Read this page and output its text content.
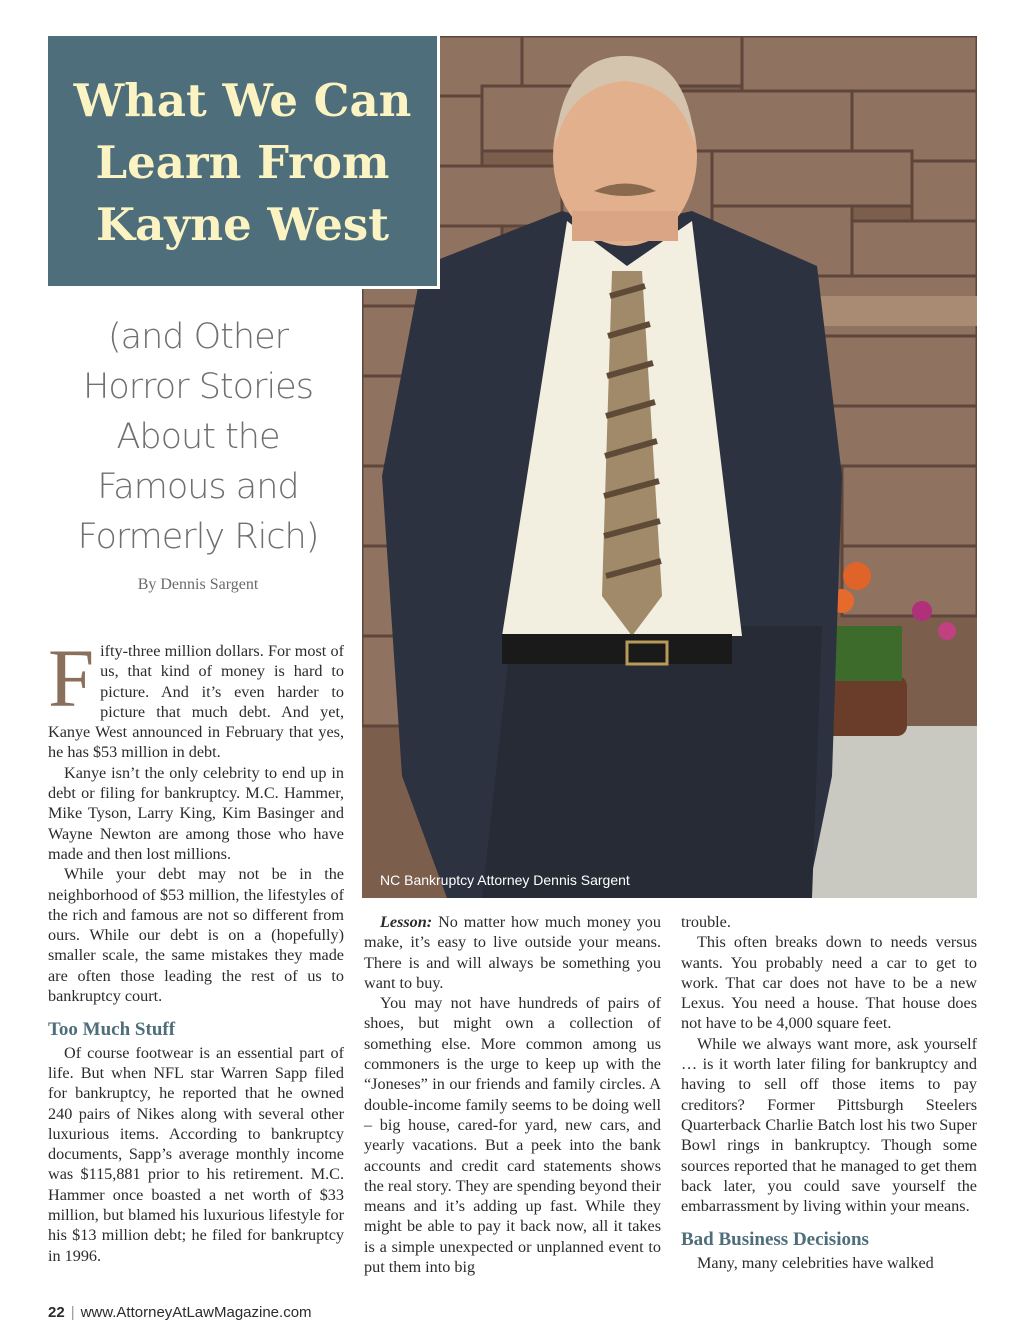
NC Bankruptcy Attorney Dennis Sargent
What We Can
Learn From
Kayne West
(and Other
Horror Stories
About the
Famous and
Formerly Rich)
By Dennis Sargent

Fifty-three million dollars. For most of us, that kind of money is hard to picture. And it’s even harder to picture that much debt. And yet, Kanye West announced in February that yes, he has $53 million in debt.

Kanye isn’t the only celebrity to end up in debt or filing for bankruptcy. M.C. Hammer, Mike Tyson, Larry King, Kim Basinger and Wayne Newton are among those who have made and then lost millions.

While your debt may not be in the neighborhood of $53 million, the lifestyles of the rich and famous are not so different from ours. While our debt is on a (hopefully) smaller scale, the same mistakes they made are often those leading the rest of us to bankruptcy court.

Too Much Stuff

Of course footwear is an essential part of life. But when NFL star Warren Sapp filed for bankruptcy, he reported that he owned 240 pairs of Nikes along with several other luxurious items. According to bankruptcy documents, Sapp’s average monthly income was $115,881 prior to his retirement. M.C. Hammer once boasted a net worth of $33 million, but blamed his luxurious lifestyle for his $13 million debt; he filed for bankruptcy in 1996.

Lesson: No matter how much money you make, it’s easy to live outside your means. There is and will always be something you want to buy.

You may not have hundreds of pairs of shoes, but might own a collection of something else. More common among us commoners is the urge to keep up with the “Joneses” in our friends and family circles. A double-income family seems to be doing well – big house, cared-for yard, new cars, and yearly vacations. But a peek into the bank accounts and credit card statements shows the real story. They are spending beyond their means and it’s adding up fast. While they might be able to pay it back now, all it takes is a simple unexpected or unplanned event to put them into big

trouble.

This often breaks down to needs versus wants. You probably need a car to get to work. That car does not have to be a new Lexus. You need a house. That house does not have to be 4,000 square feet.

While we always want more, ask yourself … is it worth later filing for bankruptcy and having to sell off those items to pay creditors? Former Pittsburgh Steelers Quarterback Charlie Batch lost his two Super Bowl rings in bankruptcy. Though some sources reported that he managed to get them back later, you could save yourself the embarrassment by living within your means.

Bad Business Decisions

Many, many celebrities have walked

22 | www.AttorneyAtLawMagazine.com
